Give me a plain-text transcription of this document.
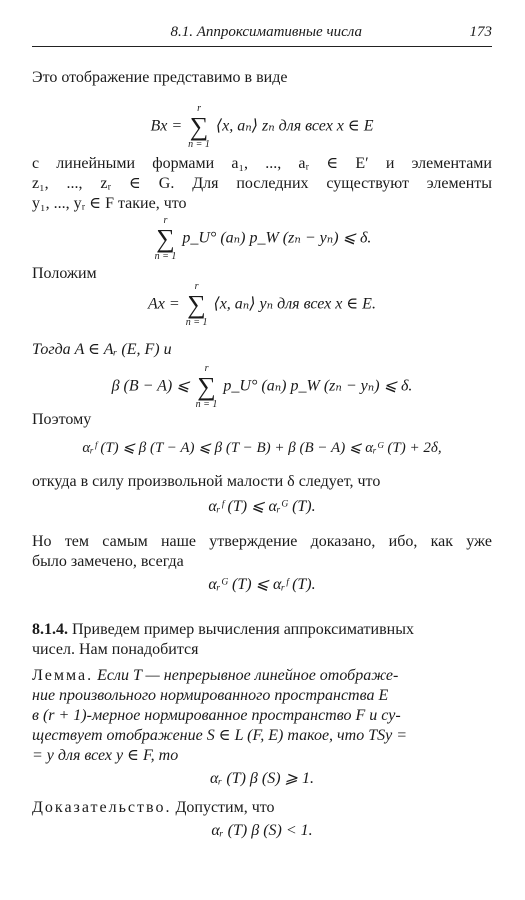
8.1. Аппроксимативные числа	173
Это отображение представимо в виде
Bx =
r
∑
n = 1
⟨x, aₙ⟩ zₙ для всех x ∈ E
с линейными формами a₁, ..., aᵣ ∈ E′ и элементами
z₁, ..., zᵣ ∈ G. Для последних существуют элементы
y₁, ..., yᵣ ∈ F такие, что
r
∑
n = 1
p_U° (aₙ) p_W (zₙ − yₙ) ⩽ δ.
Положим
Ax =
r
∑
n = 1
⟨x, aₙ⟩ yₙ для всех x ∈ E.
Тогда A ∈ Aᵣ (E, F) и
β (B − A) ⩽
r
∑
n = 1
p_U° (aₙ) p_W (zₙ − yₙ) ⩽ δ.
Поэтому
αᵣᶠ (T) ⩽ β (T − A) ⩽ β (T − B) + β (B − A) ⩽ αᵣᴳ (T) + 2δ,
откуда в силу произвольной малости δ следует, что
αᵣᶠ (T) ⩽ αᵣᴳ (T).
Но тем самым наше утверждение доказано, ибо, как уже
было замечено, всегда
αᵣᴳ (T) ⩽ αᵣᶠ (T).
8.1.4. Приведем пример вычисления аппроксимативных
чисел. Нам понадобится
Лемма. Если T — непрерывное линейное отображе-
ние произвольного нормированного пространства E
в (r + 1)-мерное нормированное пространство F и су-
ществует отображение S ∈ L (F, E) такое, что TSy =
= y для всех y ∈ F, то
αᵣ (T) β (S) ⩾ 1.
Доказательство. Допустим, что
αᵣ (T) β (S) < 1.
